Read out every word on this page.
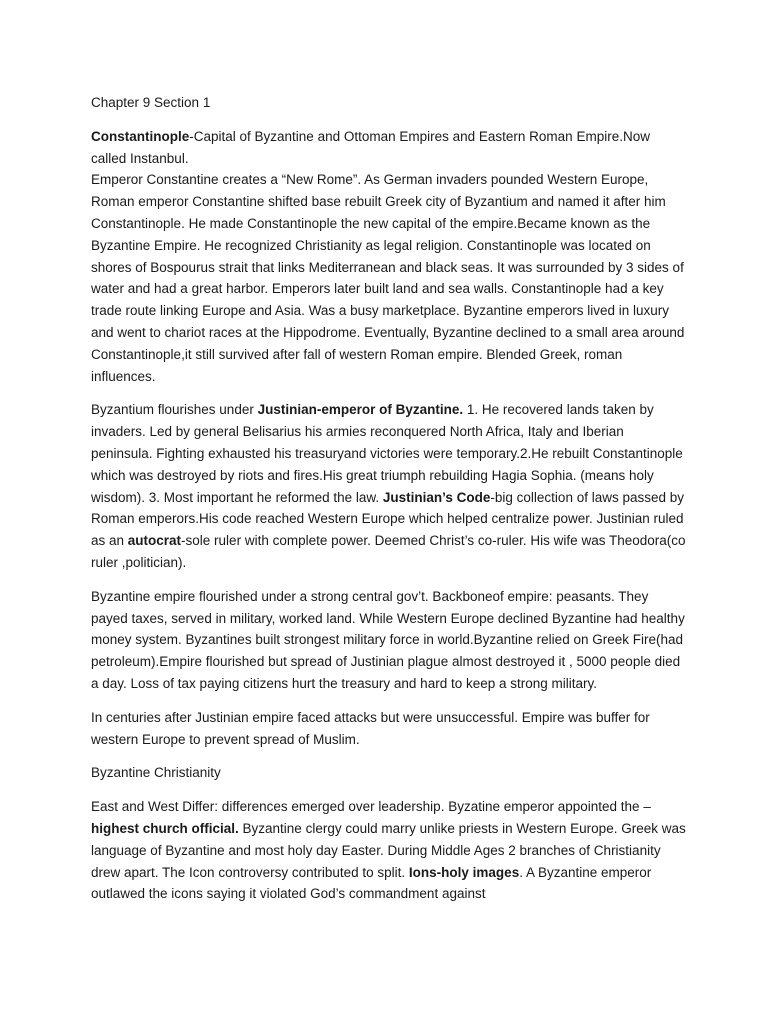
Chapter 9 Section 1

Constantinople-Capital of Byzantine and Ottoman Empires and Eastern Roman Empire.Now called Instanbul.

Emperor Constantine creates a “New Rome”. As German invaders pounded Western Europe, Roman emperor Constantine shifted base rebuilt Greek city of Byzantium and named it after him Constantinople. He made Constantinople the new capital of the empire.Became known as the Byzantine Empire. He recognized Christianity as legal religion. Constantinople was located on shores of Bospourus strait that links Mediterranean and black seas. It was surrounded by 3 sides of water and had a great harbor. Emperors later built land and sea walls. Constantinople had a key trade route linking Europe and Asia. Was a busy marketplace. Byzantine emperors lived in luxury and went to chariot races at the Hippodrome. Eventually, Byzantine declined to a small area around Constantinople,it still survived after fall of western Roman empire. Blended Greek, roman influences.

Byzantium flourishes under Justinian-emperor of Byzantine. 1. He recovered lands taken by invaders. Led by general Belisarius his armies reconquered North Africa, Italy and Iberian peninsula. Fighting exhausted his treasuryand victories were temporary.2.He rebuilt Constantinople which was destroyed by riots and fires.His great triumph rebuilding Hagia Sophia. (means holy wisdom). 3. Most important he reformed the law. Justinian’s Code-big collection of laws passed by Roman emperors.His code reached Western Europe which helped centralize power. Justinian ruled as an autocrat-sole ruler with complete power. Deemed Christ’s co-ruler. His wife was Theodora(co ruler ,politician).

Byzantine empire flourished under a strong central gov’t. Backboneof empire: peasants. They payed taxes, served in military, worked land. While Western Europe declined Byzantine had healthy money system. Byzantines built strongest military force in world.Byzantine relied on Greek Fire(had petroleum).Empire flourished but spread of Justinian plague almost destroyed it , 5000 people died a day. Loss of tax paying citizens hurt the treasury and hard to keep a strong military.

In centuries after Justinian empire faced attacks but were unsuccessful. Empire was buffer for western Europe to prevent spread of Muslim.

Byzantine Christianity

East and West Differ: differences emerged over leadership. Byzatine emperor appointed the – highest church official. Byzantine clergy could marry unlike priests in Western Europe. Greek was language of Byzantine and most holy day Easter. During Middle Ages 2 branches of Christianity drew apart. The Icon controversy contributed to split. Ions-holy images. A Byzantine emperor outlawed the icons saying it violated God’s commandment against
